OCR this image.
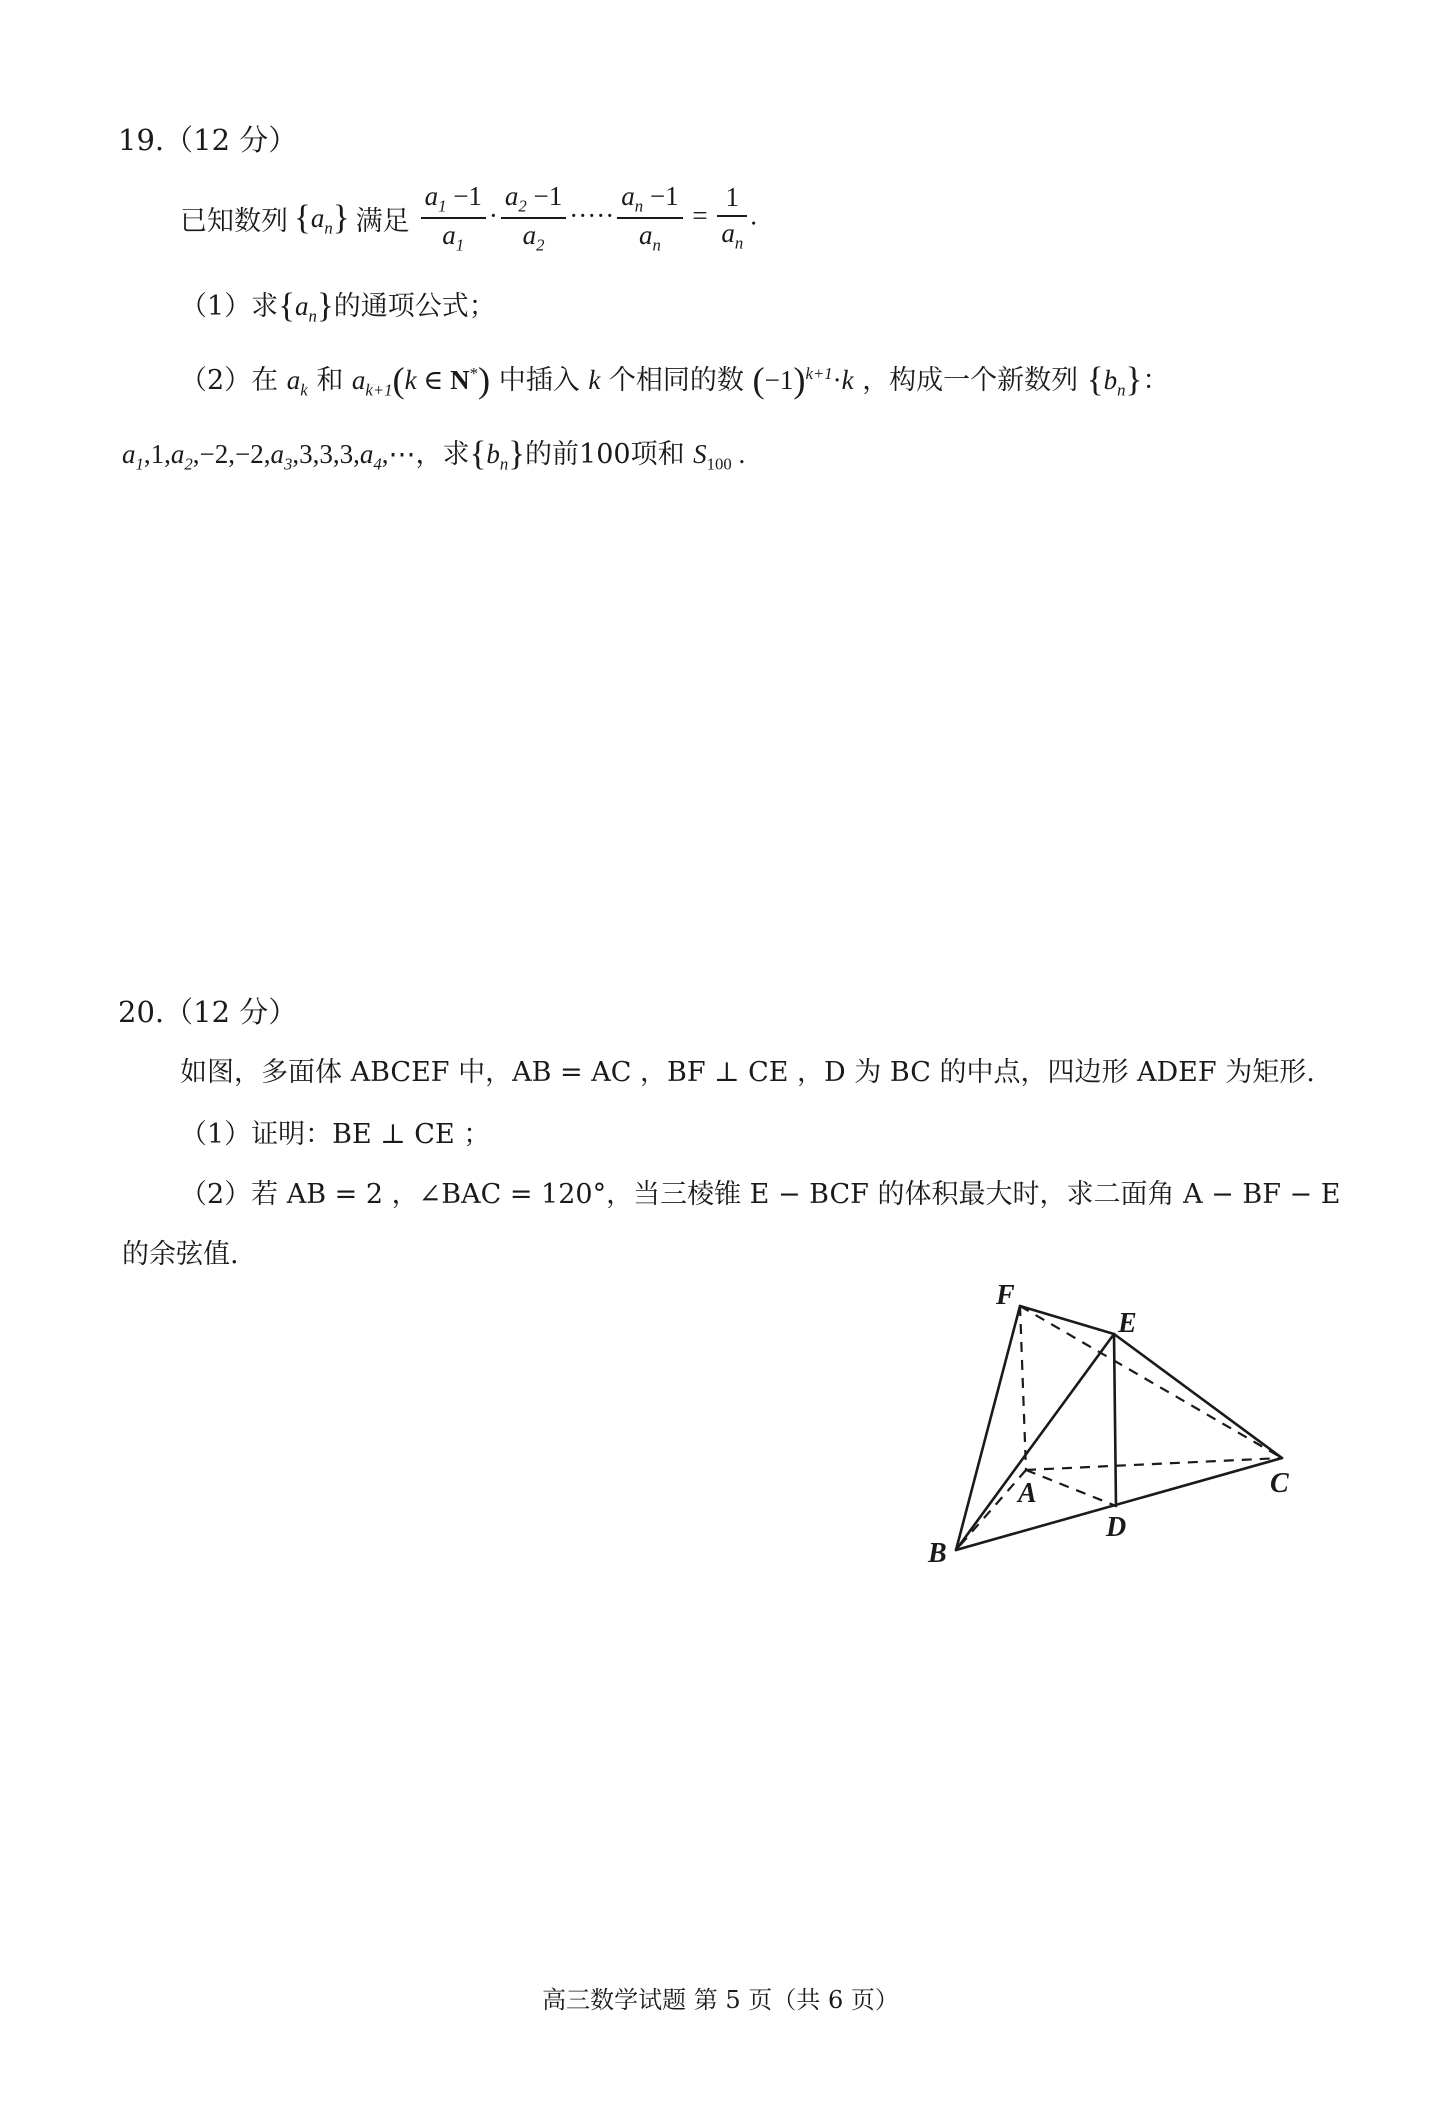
19.（12 分）
已知数列 $\{a_n\}$ 满足 $\frac{a_1 -1}{a_1} \cdot \frac{a_2 -1}{a_2}$ ····· $\frac{a_n -1}{a_n} = \frac{1}{a_n}$ .
（1）求$\{a_n\}$的通项公式；
（2）在 $a_k$ 和 $a_{k+1}(k$ ∈ N*) 中插入 k 个相同的数 $(-1)^{k+1}\cdot k$ ，构成一个新数列 $\{b_n\}$：
$a_1,1,a_2,-2,-2,a_3,3,3,3,a_4,\cdots$，求$\{b_n\}$的前100项和 $S_{100}$ .
20.（12 分）
如图，多面体 ABCEF 中，AB = AC ，BF ⊥ CE ，D 为 BC 的中点，四边形 ADEF 为矩形.
（1）证明：BE ⊥ CE ；
（2）若 AB = 2 ，∠BAC = 120°，当三棱锥 E − BCF 的体积最大时，求二面角 A − BF − E
的余弦值.
F
E
A	C
D
B
高三数学试题 第 5 页（共 6 页）
